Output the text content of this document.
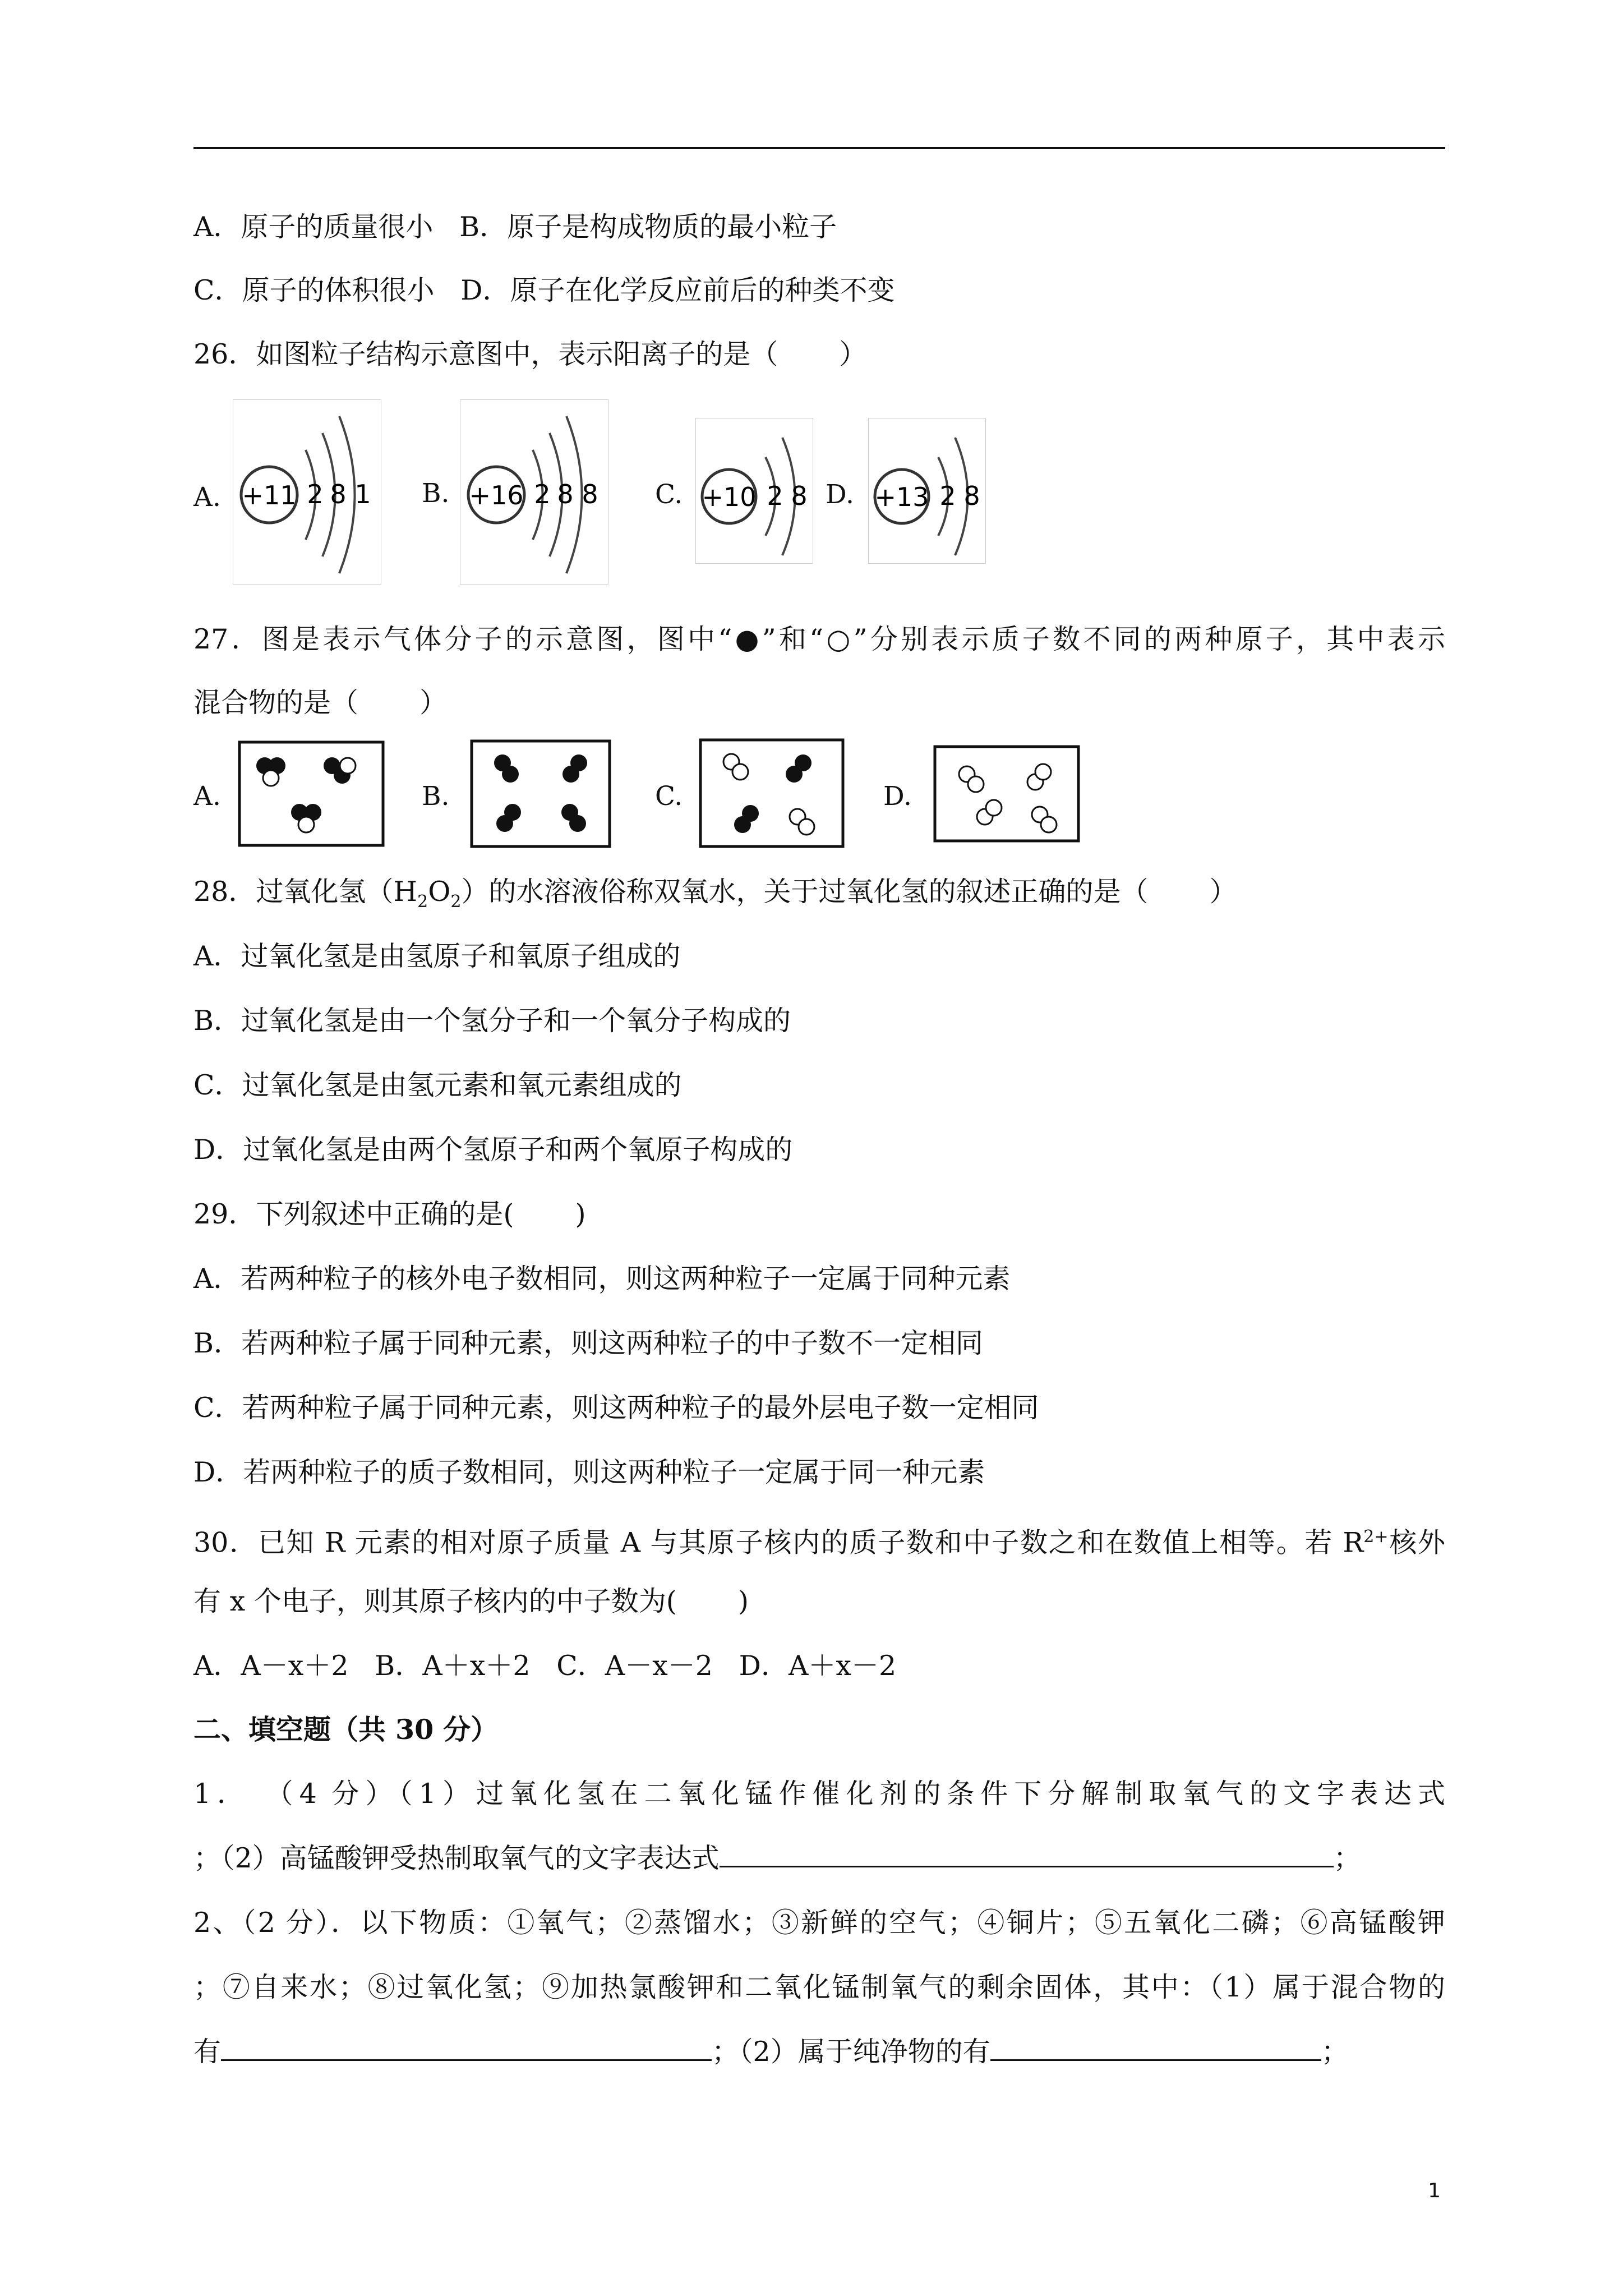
A．原子的质量很小   B．原子是构成物质的最小粒子
C．原子的体积很小   D．原子在化学反应前后的种类不变
26．如图粒子结构示意图中，表示阳离子的是（       ）
A. +11 2 8 1 B. +16 2 8 8 C. +10 2 8 D. +13 2 8
27．图是表示气体分子的示意图，图中“●”和“○”分别表示质子数不同的两种原子，其中表示
混合物的是（       ）
A.	B.	C.	D.
28．过氧化氢$(H_2O_2)$的水溶液俗称双氧水，关于过氧化氢的叙述正确的是（       ）
A．过氧化氢是由氢原子和氧原子组成的
B．过氧化氢是由一个氢分子和一个氧分子构成的
C．过氧化氢是由氢元素和氧元素组成的
D．过氧化氢是由两个氢原子和两个氧原子构成的
29．下列叙述中正确的是(       )
A．若两种粒子的核外电子数相同，则这两种粒子一定属于同种元素
B．若两种粒子属于同种元素，则这两种粒子的中子数不一定相同
C．若两种粒子属于同种元素，则这两种粒子的最外层电子数一定相同
D．若两种粒子的质子数相同，则这两种粒子一定属于同一种元素
30．已知 R 元素的相对原子质量 A 与其原子核内的质子数和中子数之和在数值上相等。若 $R^{2+}$核外
有 x 个电子，则其原子核内的中子数为(       )
A．A－x＋2   B．A＋x＋2   C．A－x－2   D．A＋x－2
二、填空题（共 30 分）
1． （4 分）（1）过氧化氢在二氧化锰作催化剂的条件下分解制取氧气的文字表达式
；（2）高锰酸钾受热制取氧气的文字表达式	；
2、（2 分）．以下物质：①氧气；②蒸馏水；③新鲜的空气；④铜片；⑤五氧化二磷；⑥高锰酸钾
；⑦自来水；⑧过氧化氢；⑨加热氯酸钾和二氧化锰制氧气的剩余固体，其中：（1）属于混合物的
有	；（2）属于纯净物的有	；
1
